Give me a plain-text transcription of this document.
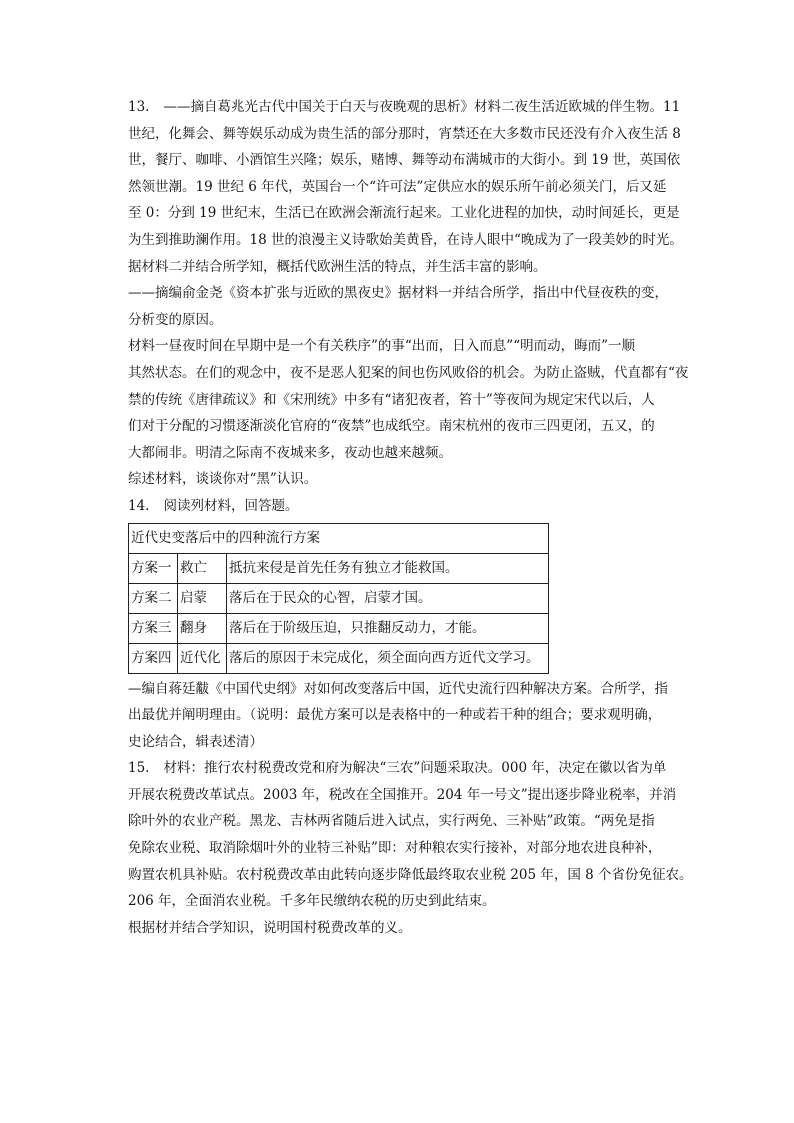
13. ——摘自葛兆光古代中国关于白天与夜晚观的思析》材料二夜生活近欧城的伴生物。11

世纪，化舞会、舞等娱乐动成为贵生活的部分那时，宵禁还在大多数市民还没有介入夜生活 8

世，餐厅、咖啡、小酒馆生兴隆；娱乐，赌博、舞等动布满城市的大街小。到 19 世，英国依

然领世潮。19 世纪 6 年代，英国台一个“许可法”定供应水的娱乐所午前必须关门，后又延

至 0：分到 19 世纪末，生活已在欧洲会渐流行起来。工业化进程的加快，动时间延长，更是

为生到推助澜作用。18 世的浪漫主义诗歌始美黄昏，在诗人眼中“晚成为了一段美妙的时光。

据材料二并结合所学知，概括代欧洲生活的特点，并生活丰富的影响。

——摘编俞金尧《资本扩张与近欧的黑夜史》据材料一并结合所学，指出中代昼夜秩的变，

分析变的原因。

材料一昼夜时间在早期中是一个有关秩序”的事“出而，日入而息”“明而动，晦而”一顺

其然状态。在们的观念中，夜不是恶人犯案的间也伤风败俗的机会。为防止盗贼，代直都有“夜

禁的传统《唐律疏议》和《宋刑统》中多有“诸犯夜者，笞十”等夜间为规定宋代以后，人

们对于分配的习惯逐渐淡化官府的“夜禁”也成纸空。南宋杭州的夜市三四更闭，五又，的

大都闹非。明清之际南不夜城来多，夜动也越来越频。

综述材料，谈谈你对“黑”认识。

14. 阅读列材料，回答题。

近代史变落后中的四种流行方案		
方案一	救亡	抵抗来侵是首先任务有独立才能救国。
方案二	启蒙	落后在于民众的心智，启蒙才国。
方案三	翻身	落后在于阶级压迫，只推翻反动力，才能。
方案四	近代化	落后的原因于未完成化，须全面向西方近代文学习。

—编自蒋廷黻《中国代史纲》对如何改变落后中国，近代史流行四种解决方案。合所学，指

出最优并阐明理由。（说明：最优方案可以是表格中的一种或若干种的组合；要求观明确，

史论结合，辑表述清）

15. 材料：推行农村税费改党和府为解决“三农”问题采取决。000 年，决定在徽以省为单

开展农税费改革试点。2003 年，税改在全国推开。204 年一号文”提出逐步降业税率，并消

除叶外的农业产税。黑龙、吉林两省随后进入试点，实行两免、三补贴”政策。“两免是指

免除农业税、取消除烟叶外的业特三补贴”即：对种粮农实行接补，对部分地农进良种补，

购置农机具补贴。农村税费改革由此转向逐步降低最终取农业税 205 年，国 8 个省份免征农。

206 年，全面消农业税。千多年民缴纳农税的历史到此结束。

根据材并结合学知识，说明国村税费改革的义。
